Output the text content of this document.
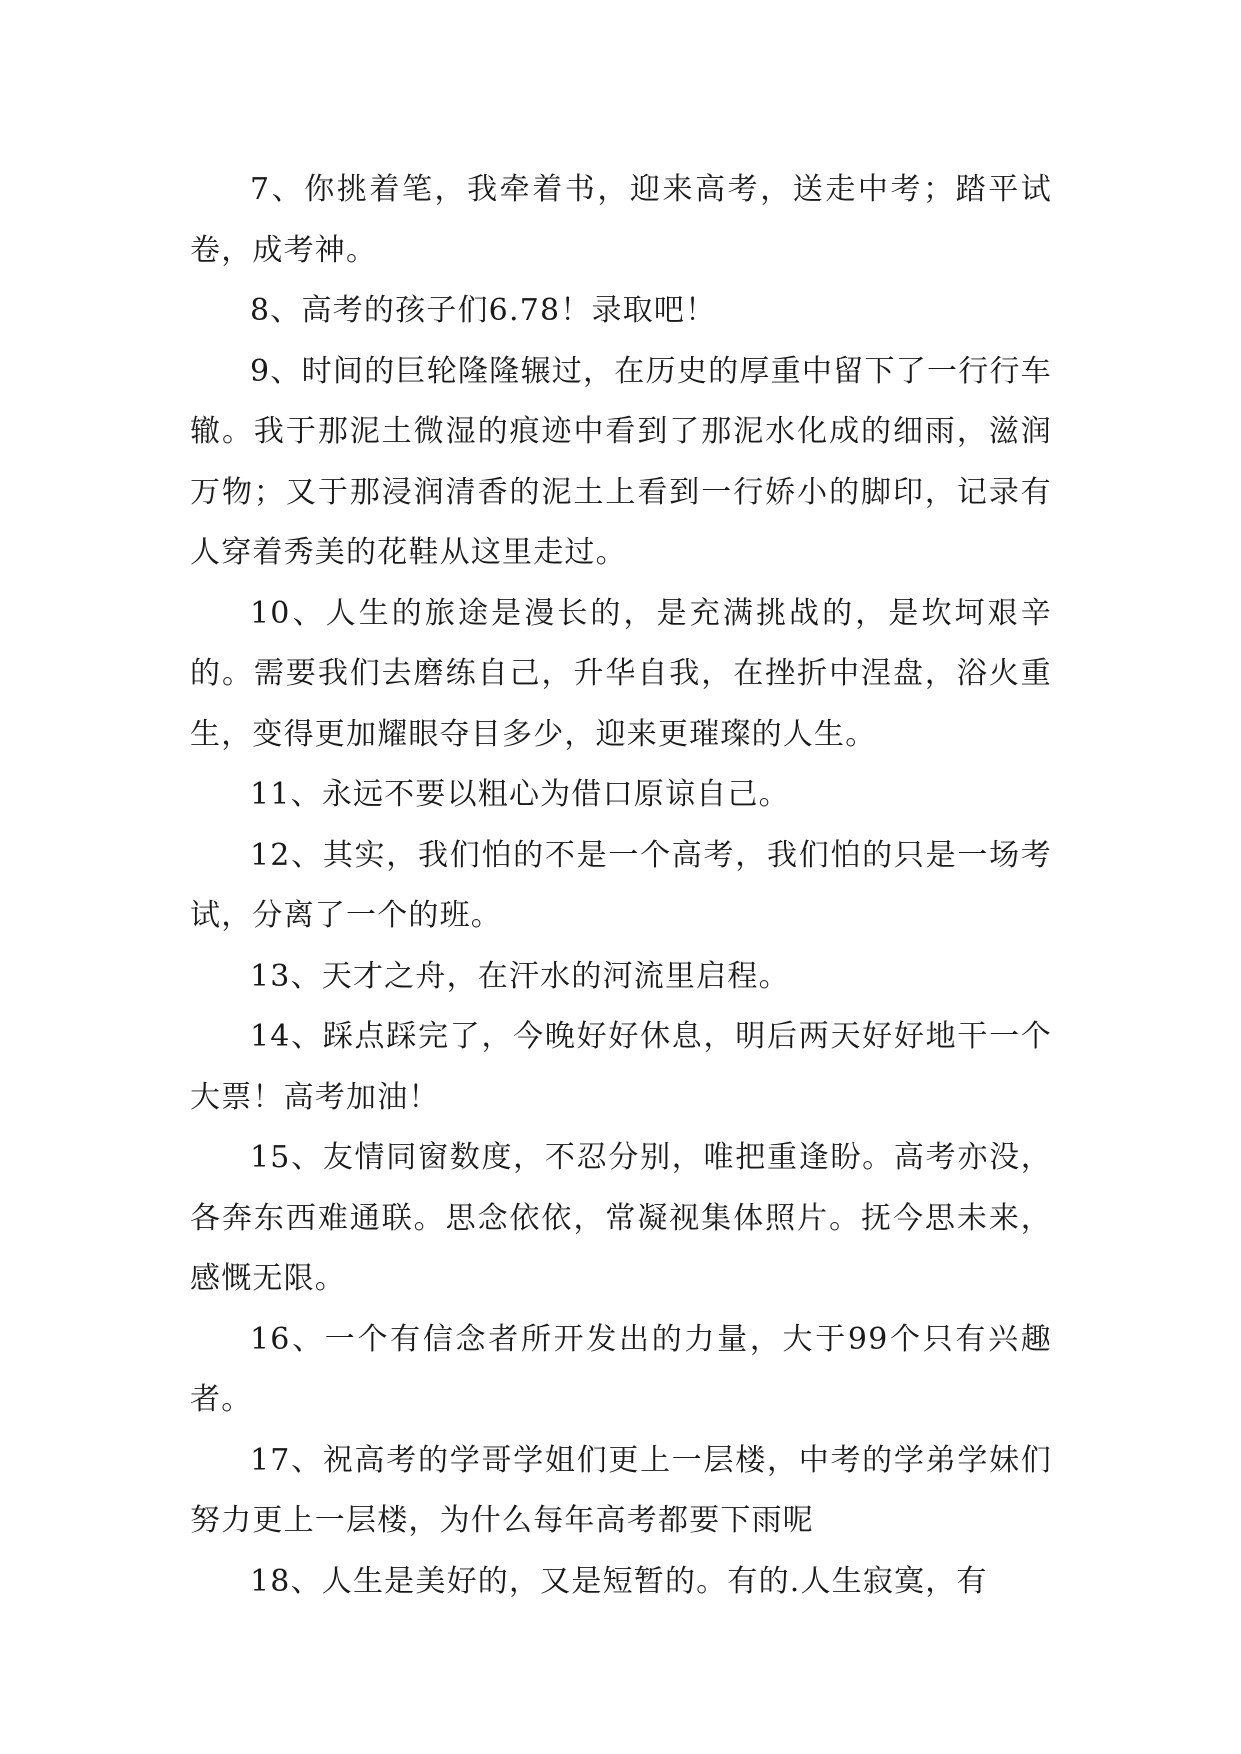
7、你挑着笔，我牵着书，迎来高考，送走中考；踏平试卷，成考神。

8、高考的孩子们6.78！录取吧！

9、时间的巨轮隆隆辗过，在历史的厚重中留下了一行行车辙。我于那泥土微湿的痕迹中看到了那泥水化成的细雨，滋润万物；又于那浸润清香的泥土上看到一行娇小的脚印，记录有人穿着秀美的花鞋从这里走过。

10、人生的旅途是漫长的，是充满挑战的，是坎坷艰辛的。需要我们去磨练自己，升华自我，在挫折中涅盘，浴火重生，变得更加耀眼夺目多少，迎来更璀璨的人生。

11、永远不要以粗心为借口原谅自己。

12、其实，我们怕的不是一个高考，我们怕的只是一场考试，分离了一个的班。

13、天才之舟，在汗水的河流里启程。

14、踩点踩完了，今晚好好休息，明后两天好好地干一个大票！高考加油！

15、友情同窗数度，不忍分别，唯把重逢盼。高考亦没，各奔东西难通联。思念依依，常凝视集体照片。抚今思未来，感慨无限。

16、一个有信念者所开发出的力量，大于99个只有兴趣者。

17、祝高考的学哥学姐们更上一层楼，中考的学弟学妹们努力更上一层楼，为什么每年高考都要下雨呢

18、人生是美好的，又是短暂的。有的.人生寂寞，有
